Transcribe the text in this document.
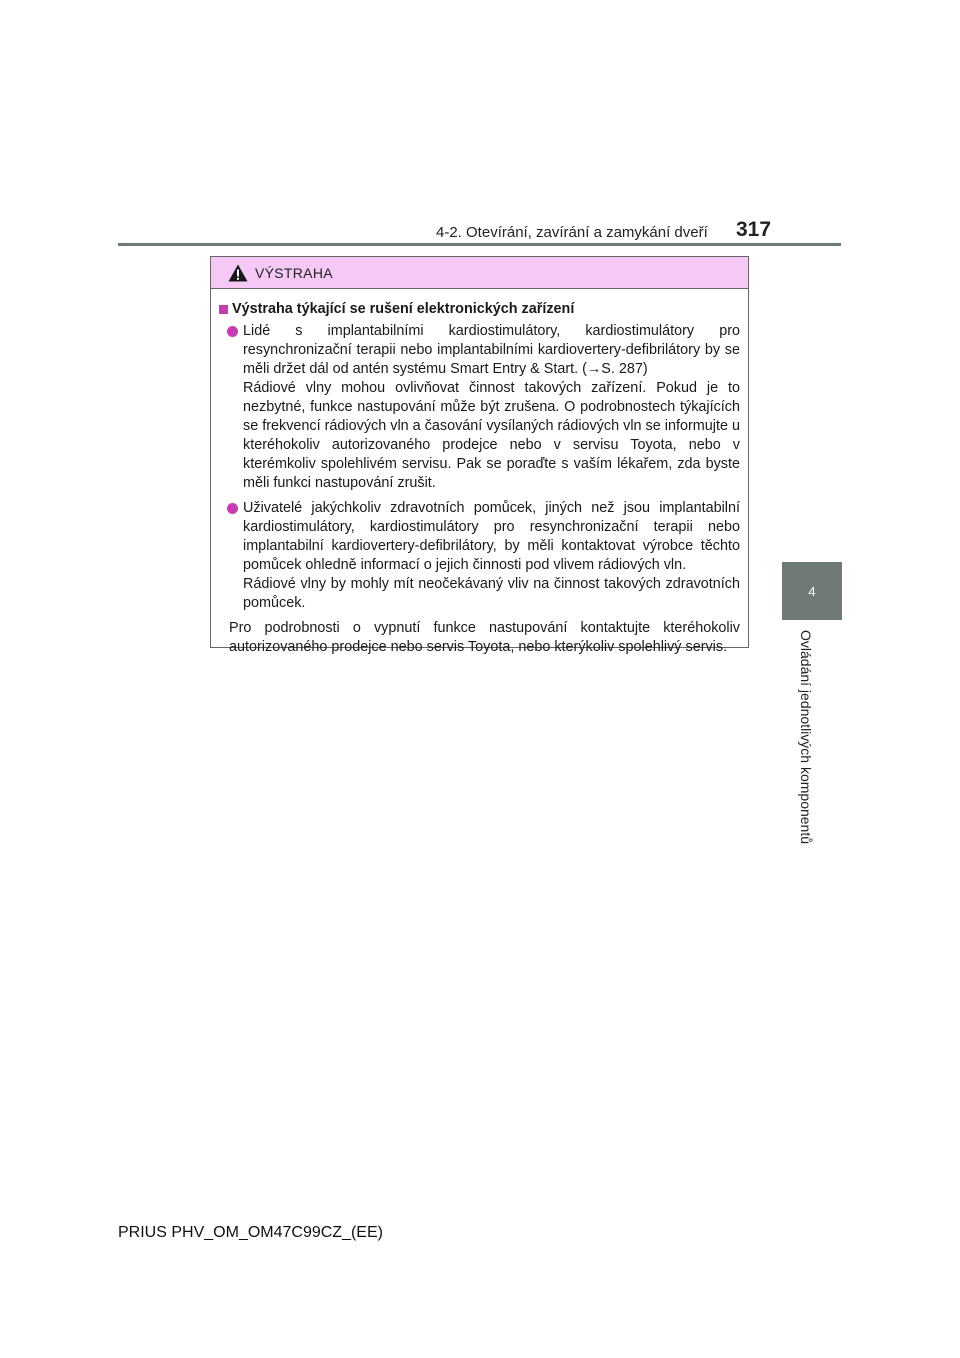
4-2. Otevírání, zavírání a zamykání dveří 317
4
Ovládání jednotlivých komponentů
VÝSTRAHA
Výstraha týkající se rušení elektronických zařízení

Lidé s implantabilními kardiostimulátory, kardiostimulátory pro resynchronizační terapii nebo implantabilními kardiovertery-defibrilátory by se měli držet dál od antén systému Smart Entry & Start. (→S. 287)

Rádiové vlny mohou ovlivňovat činnost takových zařízení. Pokud je to nezbytné, funkce nastupování může být zrušena. O podrobnostech týkajících se frekvencí rádiových vln a časování vysílaných rádiových vln se informujte u kteréhokoliv autorizovaného prodejce nebo v servisu Toyota, nebo v kterémkoliv spolehlivém servisu. Pak se poraďte s vaším lékařem, zda byste měli funkci nastupování zrušit.

Uživatelé jakýchkoliv zdravotních pomůcek, jiných než jsou implantabilní kardiostimulátory, kardiostimulátory pro resynchronizační terapii nebo implantabilní kardiovertery-defibrilátory, by měli kontaktovat výrobce těchto pomůcek ohledně informací o jejich činnosti pod vlivem rádiových vln.

Rádiové vlny by mohly mít neočekávaný vliv na činnost takových zdravotních pomůcek.

Pro podrobnosti o vypnutí funkce nastupování kontaktujte kteréhokoliv autorizovaného prodejce nebo servis Toyota, nebo kterýkoliv spolehlivý servis.

PRIUS PHV_OM_OM47C99CZ_(EE)
